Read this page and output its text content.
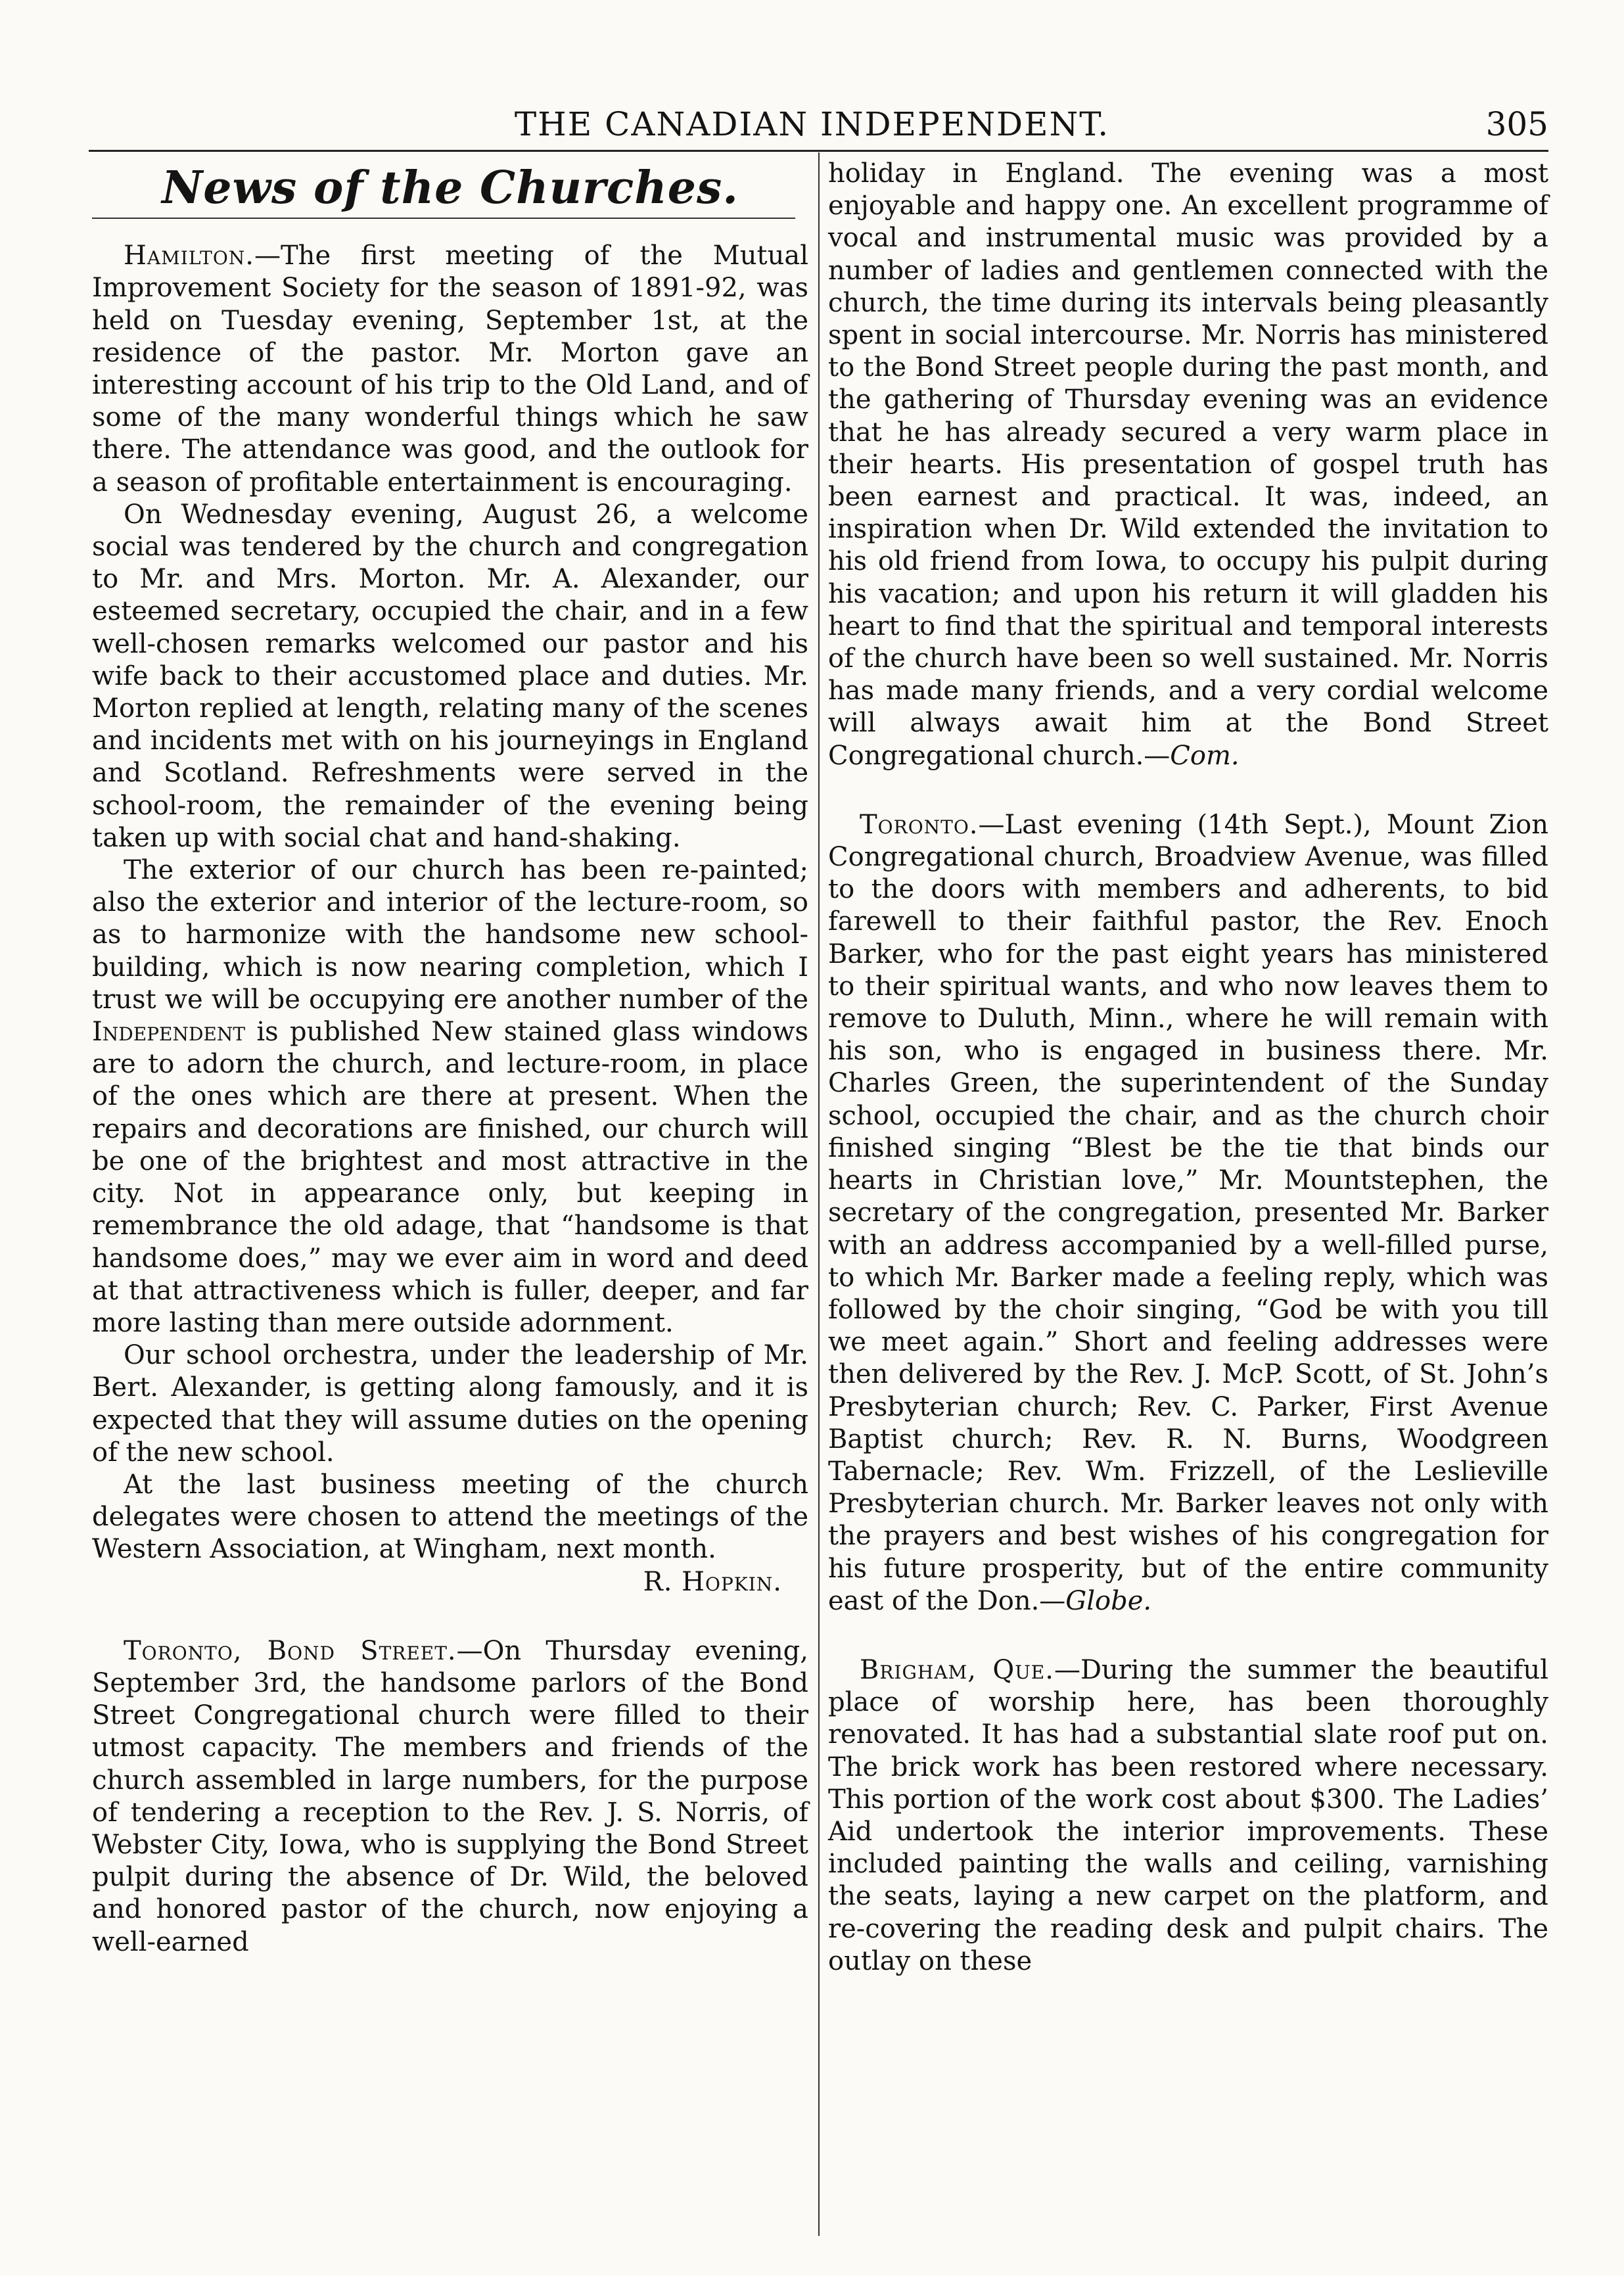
THE CANADIAN INDEPENDENT.	305
News of the Churches.

Hamilton.—The first meeting of the Mutual Improvement Society for the season of 1891-92, was held on Tuesday evening, September 1st, at the residence of the pastor. Mr. Morton gave an interesting account of his trip to the Old Land, and of some of the many wonderful things which he saw there. The attendance was good, and the outlook for a season of profitable entertainment is encouraging.

On Wednesday evening, August 26, a welcome social was tendered by the church and congregation to Mr. and Mrs. Morton. Mr. A. Alexander, our esteemed secretary, occupied the chair, and in a few well-chosen remarks welcomed our pastor and his wife back to their accustomed place and duties. Mr. Morton replied at length, relating many of the scenes and incidents met with on his journeyings in England and Scotland. Refreshments were served in the school-room, the remainder of the evening being taken up with social chat and hand-shaking.

The exterior of our church has been re-painted; also the exterior and interior of the lecture-room, so as to harmonize with the handsome new school-building, which is now nearing completion, which I trust we will be occupying ere another number of the Independent is published New stained glass windows are to adorn the church, and lecture-room, in place of the ones which are there at present. When the repairs and decorations are finished, our church will be one of the brightest and most attractive in the city. Not in appearance only, but keeping in remembrance the old adage, that “handsome is that handsome does,” may we ever aim in word and deed at that attractiveness which is fuller, deeper, and far more lasting than mere outside adornment.

Our school orchestra, under the leadership of Mr. Bert. Alexander, is getting along famously, and it is expected that they will assume duties on the opening of the new school.

At the last business meeting of the church delegates were chosen to attend the meetings of the Western Association, at Wingham, next month.

R. Hopkin.

Toronto, Bond Street.—On Thursday evening, September 3rd, the handsome parlors of the Bond Street Congregational church were filled to their utmost capacity. The members and friends of the church assembled in large numbers, for the purpose of tendering a reception to the Rev. J. S. Norris, of Webster City, Iowa, who is supplying the Bond Street pulpit during the absence of Dr. Wild, the beloved and honored pastor of the church, now enjoying a well-earned

holiday in England. The evening was a most enjoyable and happy one. An excellent programme of vocal and instrumental music was provided by a number of ladies and gentlemen connected with the church, the time during its intervals being pleasantly spent in social intercourse. Mr. Norris has ministered to the Bond Street people during the past month, and the gathering of Thursday evening was an evidence that he has already secured a very warm place in their hearts. His presentation of gospel truth has been earnest and practical. It was, indeed, an inspiration when Dr. Wild extended the invitation to his old friend from Iowa, to occupy his pulpit during his vacation; and upon his return it will gladden his heart to find that the spiritual and temporal interests of the church have been so well sustained. Mr. Norris has made many friends, and a very cordial welcome will always await him at the Bond Street Congregational church.—Com.

Toronto.—Last evening (14th Sept.), Mount Zion Congregational church, Broadview Avenue, was filled to the doors with members and adherents, to bid farewell to their faithful pastor, the Rev. Enoch Barker, who for the past eight years has ministered to their spiritual wants, and who now leaves them to remove to Duluth, Minn., where he will remain with his son, who is engaged in business there. Mr. Charles Green, the superintendent of the Sunday school, occupied the chair, and as the church choir finished singing “Blest be the tie that binds our hearts in Christian love,” Mr. Mountstephen, the secretary of the congregation, presented Mr. Barker with an address accompanied by a well-filled purse, to which Mr. Barker made a feeling reply, which was followed by the choir singing, “God be with you till we meet again.” Short and feeling addresses were then delivered by the Rev. J. McP. Scott, of St. John’s Presbyterian church; Rev. C. Parker, First Avenue Baptist church; Rev. R. N. Burns, Woodgreen Tabernacle; Rev. Wm. Frizzell, of the Leslieville Presbyterian church. Mr. Barker leaves not only with the prayers and best wishes of his congregation for his future prosperity, but of the entire community east of the Don.—Globe.

Brigham, Que.—During the summer the beautiful place of worship here, has been thoroughly renovated. It has had a substantial slate roof put on. The brick work has been restored where necessary. This portion of the work cost about $300. The Ladies’ Aid undertook the interior improvements. These included painting the walls and ceiling, varnishing the seats, laying a new carpet on the platform, and re-covering the reading desk and pulpit chairs. The outlay on these
